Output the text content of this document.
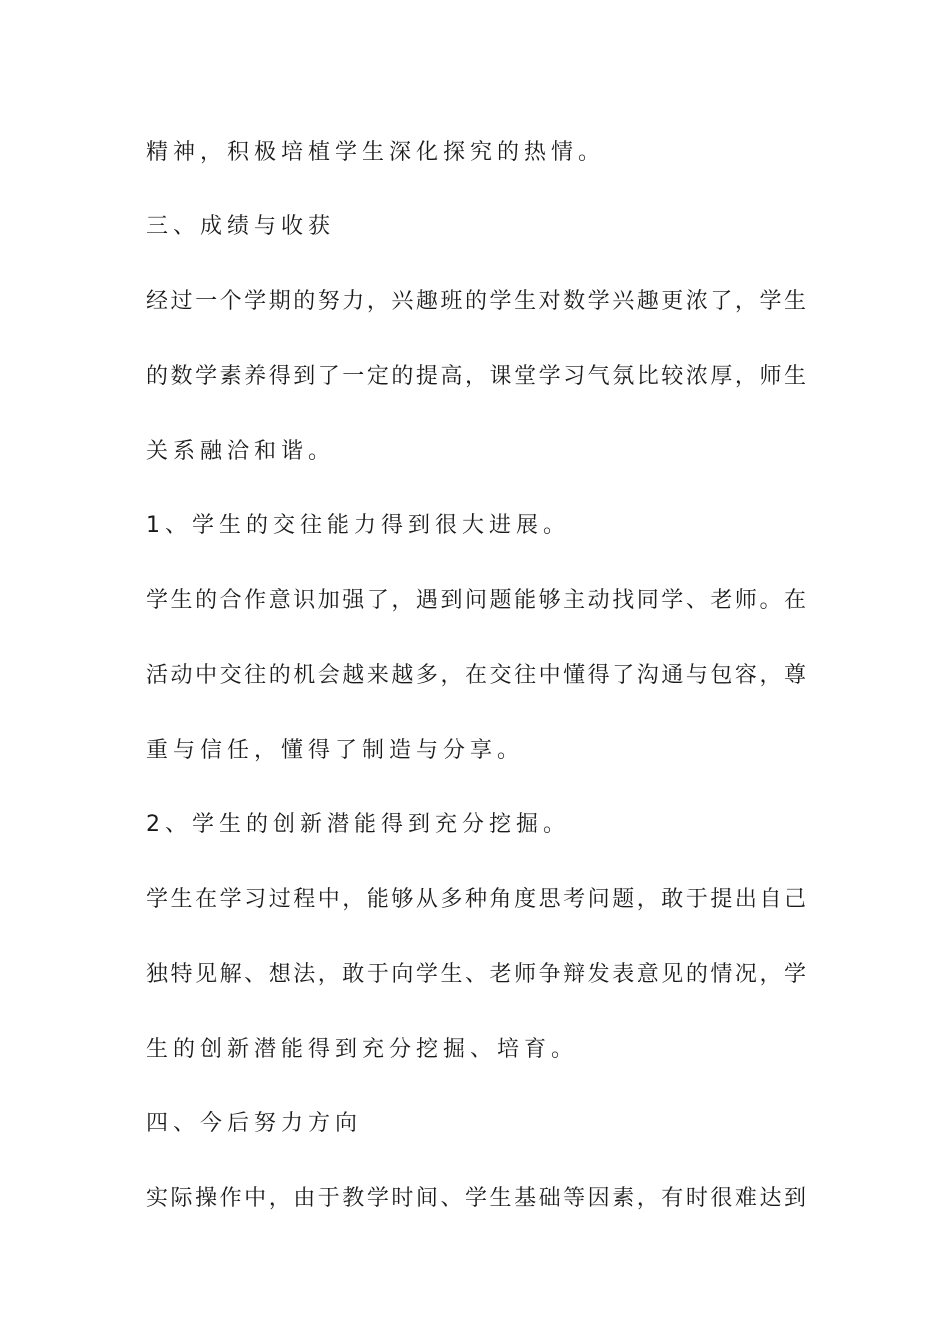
精神，积极培植学生深化探究的热情。

三、成绩与收获

经过一个学期的努力，兴趣班的学生对数学兴趣更浓了，学生

的数学素养得到了一定的提高，课堂学习气氛比较浓厚，师生

关系融洽和谐。

1、学生的交往能力得到很大进展。

学生的合作意识加强了，遇到问题能够主动找同学、老师。在

活动中交往的机会越来越多，在交往中懂得了沟通与包容，尊

重与信任，懂得了制造与分享。

2、学生的创新潜能得到充分挖掘。

学生在学习过程中，能够从多种角度思考问题，敢于提出自己

独特见解、想法，敢于向学生、老师争辩发表意见的情况，学

生的创新潜能得到充分挖掘、培育。

四、今后努力方向

实际操作中，由于教学时间、学生基础等因素，有时很难达到
